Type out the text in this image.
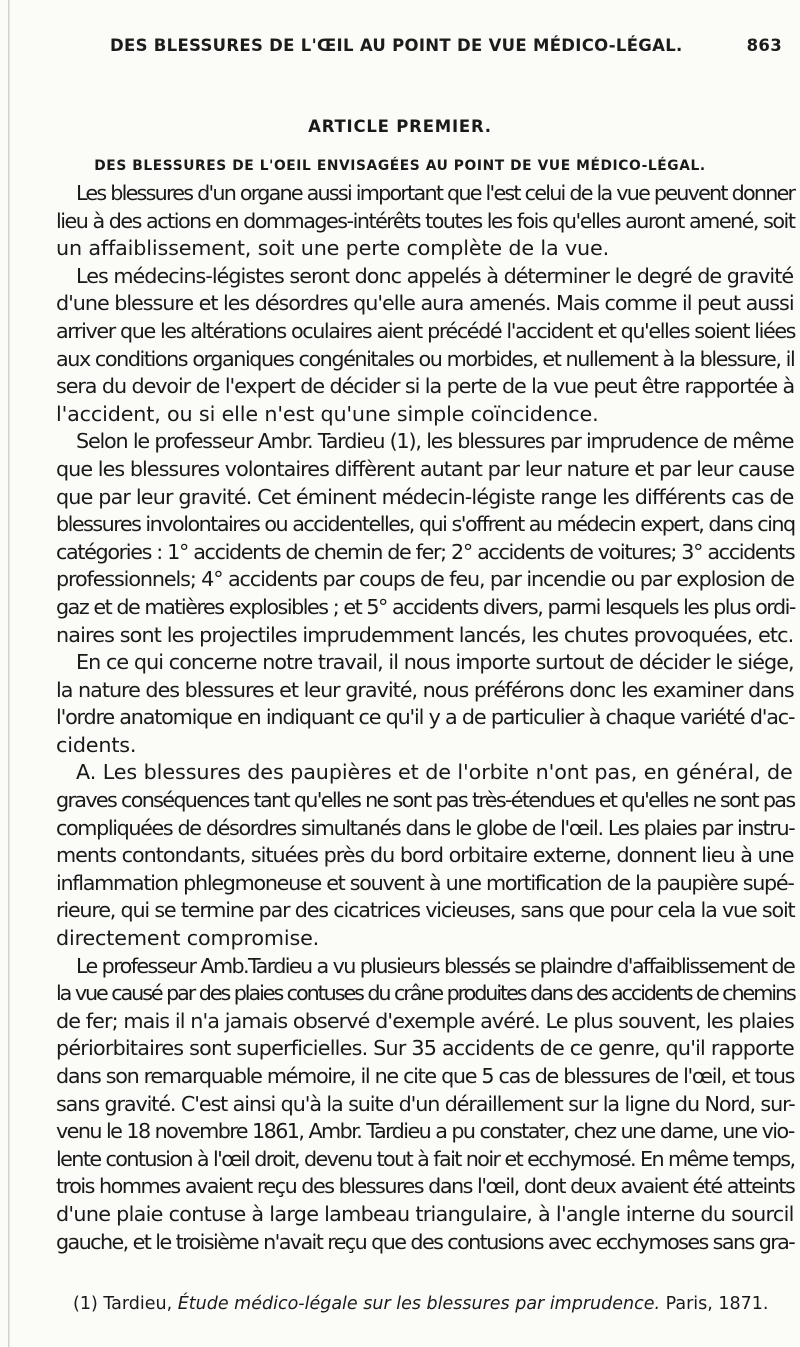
DES BLESSURES DE L'ŒIL AU POINT DE VUE MÉDICO-LÉGAL.	863
ARTICLE PREMIER.
DES BLESSURES DE L'OEIL ENVISAGÉES AU POINT DE VUE MÉDICO-LÉGAL.
Les blessures d'un organe aussi important que l'est celui de la vue peuvent donner
lieu à des actions en dommages-intérêts toutes les fois qu'elles auront amené, soit
un affaiblissement, soit une perte complète de la vue.
Les médecins-légistes seront donc appelés à déterminer le degré de gravité
d'une blessure et les désordres qu'elle aura amenés. Mais comme il peut aussi
arriver que les altérations oculaires aient précédé l'accident et qu'elles soient liées
aux conditions organiques congénitales ou morbides, et nullement à la blessure, il
sera du devoir de l'expert de décider si la perte de la vue peut être rapportée à
l'accident, ou si elle n'est qu'une simple coïncidence.
Selon le professeur Ambr. Tardieu (1), les blessures par imprudence de même
que les blessures volontaires diffèrent autant par leur nature et par leur cause
que par leur gravité. Cet éminent médecin-légiste range les différents cas de
blessures involontaires ou accidentelles, qui s'offrent au médecin expert, dans cinq
catégories : 1° accidents de chemin de fer; 2° accidents de voitures; 3° accidents
professionnels; 4° accidents par coups de feu, par incendie ou par explosion de
gaz et de matières explosibles ; et 5° accidents divers, parmi lesquels les plus ordi-
naires sont les projectiles imprudemment lancés, les chutes provoquées, etc.
En ce qui concerne notre travail, il nous importe surtout de décider le siége,
la nature des blessures et leur gravité, nous préférons donc les examiner dans
l'ordre anatomique en indiquant ce qu'il y a de particulier à chaque variété d'ac-
cidents.
A. Les blessures des paupières et de l'orbite n'ont pas, en général, de
graves conséquences tant qu'elles ne sont pas très-étendues et qu'elles ne sont pas
compliquées de désordres simultanés dans le globe de l'œil. Les plaies par instru-
ments contondants, situées près du bord orbitaire externe, donnent lieu à une
inflammation phlegmoneuse et souvent à une mortification de la paupière supé-
rieure, qui se termine par des cicatrices vicieuses, sans que pour cela la vue soit
directement compromise.
Le professeur Amb.Tardieu a vu plusieurs blessés se plaindre d'affaiblissement de
la vue causé par des plaies contuses du crâne produites dans des accidents de chemins
de fer; mais il n'a jamais observé d'exemple avéré. Le plus souvent, les plaies
périorbitaires sont superficielles. Sur 35 accidents de ce genre, qu'il rapporte
dans son remarquable mémoire, il ne cite que 5 cas de blessures de l'œil, et tous
sans gravité. C'est ainsi qu'à la suite d'un déraillement sur la ligne du Nord, sur-
venu le 18 novembre 1861, Ambr. Tardieu a pu constater, chez une dame, une vio-
lente contusion à l'œil droit, devenu tout à fait noir et ecchymosé. En même temps,
trois hommes avaient reçu des blessures dans l'œil, dont deux avaient été atteints
d'une plaie contuse à large lambeau triangulaire, à l'angle interne du sourcil
gauche, et le troisième n'avait reçu que des contusions avec ecchymoses sans gra-
(1) Tardieu, Étude médico-légale sur les blessures par imprudence. Paris, 1871.
